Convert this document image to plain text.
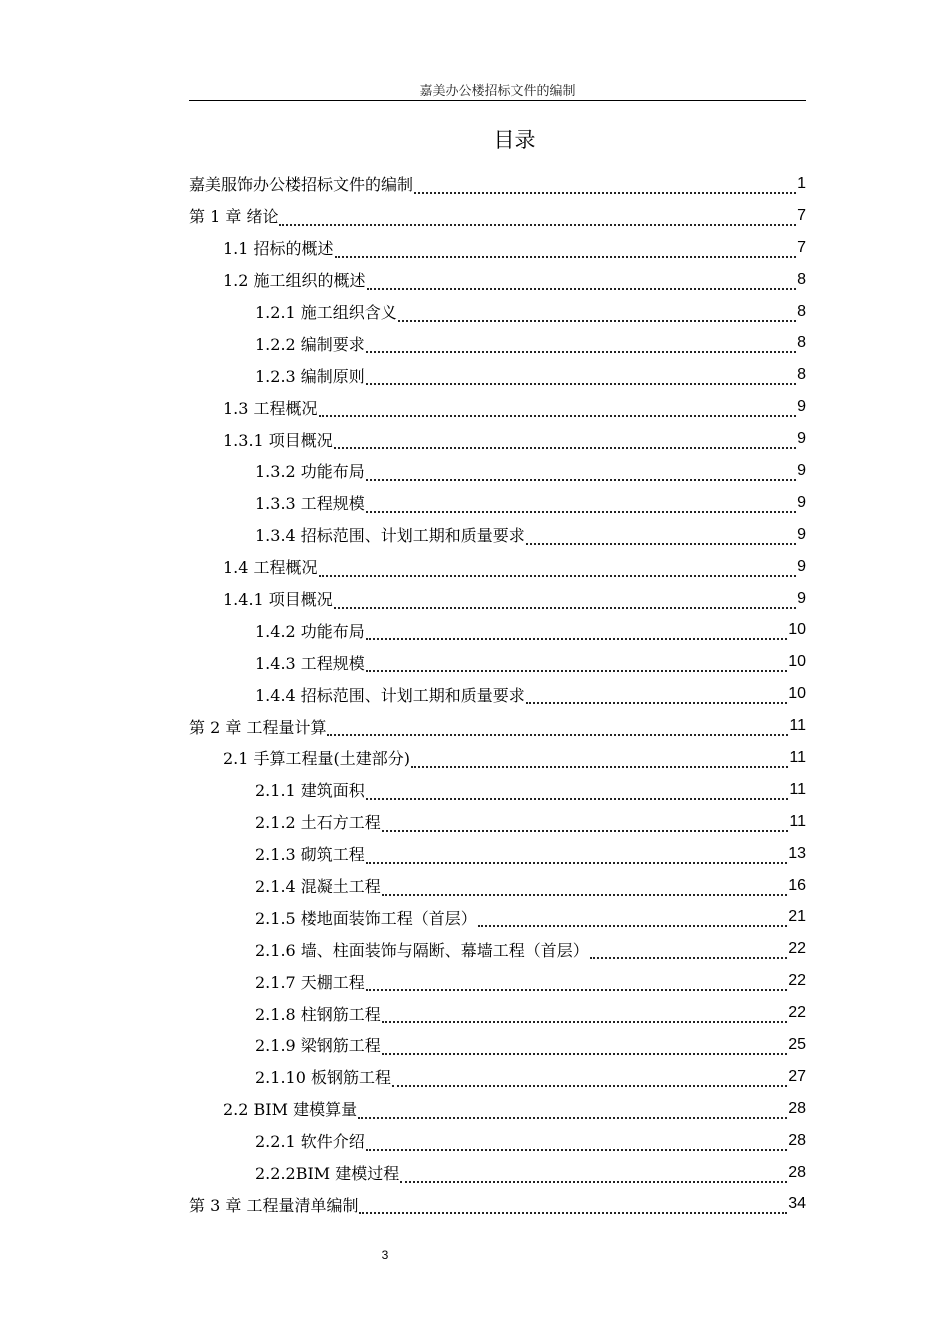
嘉美办公楼招标文件的编制
目录
嘉美服饰办公楼招标文件的编制	1
第 1 章 绪论	7
1.1 招标的概述	7
1.2 施工组织的概述	8
1.2.1 施工组织含义	8
1.2.2 编制要求	8
1.2.3 编制原则	8
1.3 工程概况	9
1.3.1 项目概况	9
1.3.2 功能布局	9
1.3.3 工程规模	9
1.3.4 招标范围、计划工期和质量要求	9
1.4 工程概况	9
1.4.1 项目概况	9
1.4.2 功能布局	10
1.4.3 工程规模	10
1.4.4 招标范围、计划工期和质量要求	10
第 2 章 工程量计算	11
2.1 手算工程量(土建部分)	11
2.1.1 建筑面积	11
2.1.2 土石方工程	11
2.1.3 砌筑工程	13
2.1.4 混凝土工程	16
2.1.5 楼地面装饰工程（首层）	21
2.1.6 墙、柱面装饰与隔断、幕墙工程（首层）	22
2.1.7 天棚工程	22
2.1.8 柱钢筋工程	22
2.1.9 梁钢筋工程	25
2.1.10 板钢筋工程	27
2.2 BIM 建模算量	28
2.2.1 软件介绍	28
2.2.2BIM 建模过程	28
第 3 章 工程量清单编制	34
3
